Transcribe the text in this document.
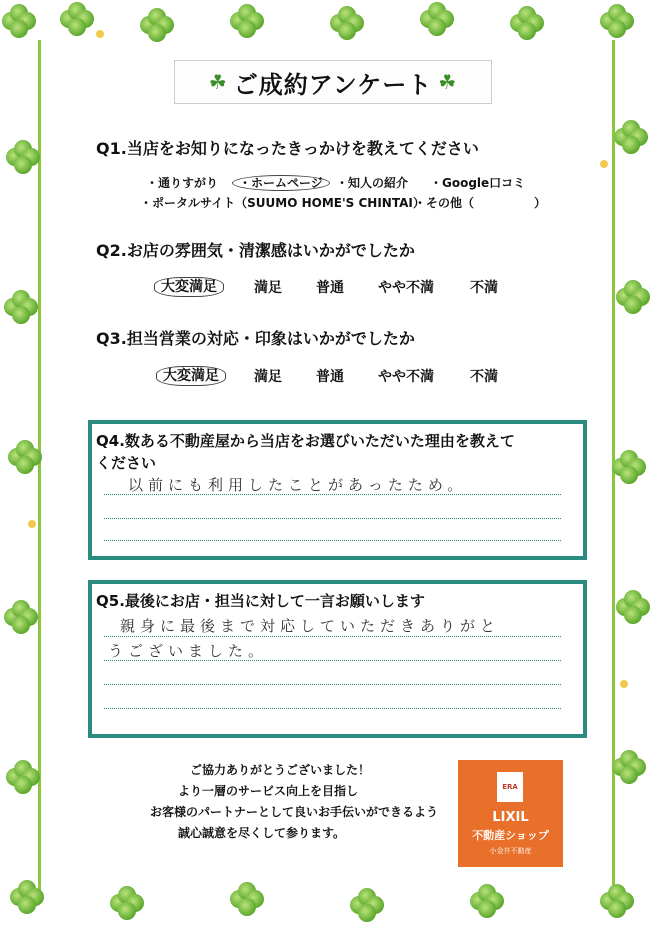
☘ ご成約アンケート ☘
Q1.当店をお知りになったきっかけを教えてください
・通りすがり	・ホームページ	・知人の紹介 ・Google口コミ
・ポータルサイト（SUUMO HOME'S CHINTAI）
・その他（　　　　　）
Q2.お店の雰囲気・清潔感はいかがでしたか
大変満足	満足 普通 やや不満	不満
Q3.担当営業の対応・印象はいかがでしたか
大変満足	満足 普通 やや不満	不満
Q4.数ある不動産屋から当店をお選びいただいた理由を教えて
ください
以前にも利用したことがあったため。
Q5.最後にお店・担当に対して一言お願いします
親身に最後まで対応していただきありがと
うございました。
ご協力ありがとうございました！
より一層のサービス向上を目指し
お客様のパートナーとして良いお手伝いができるよう
誠心誠意を尽くして参ります。
ERA
LIXIL
不動産ショップ
小金井不動産
